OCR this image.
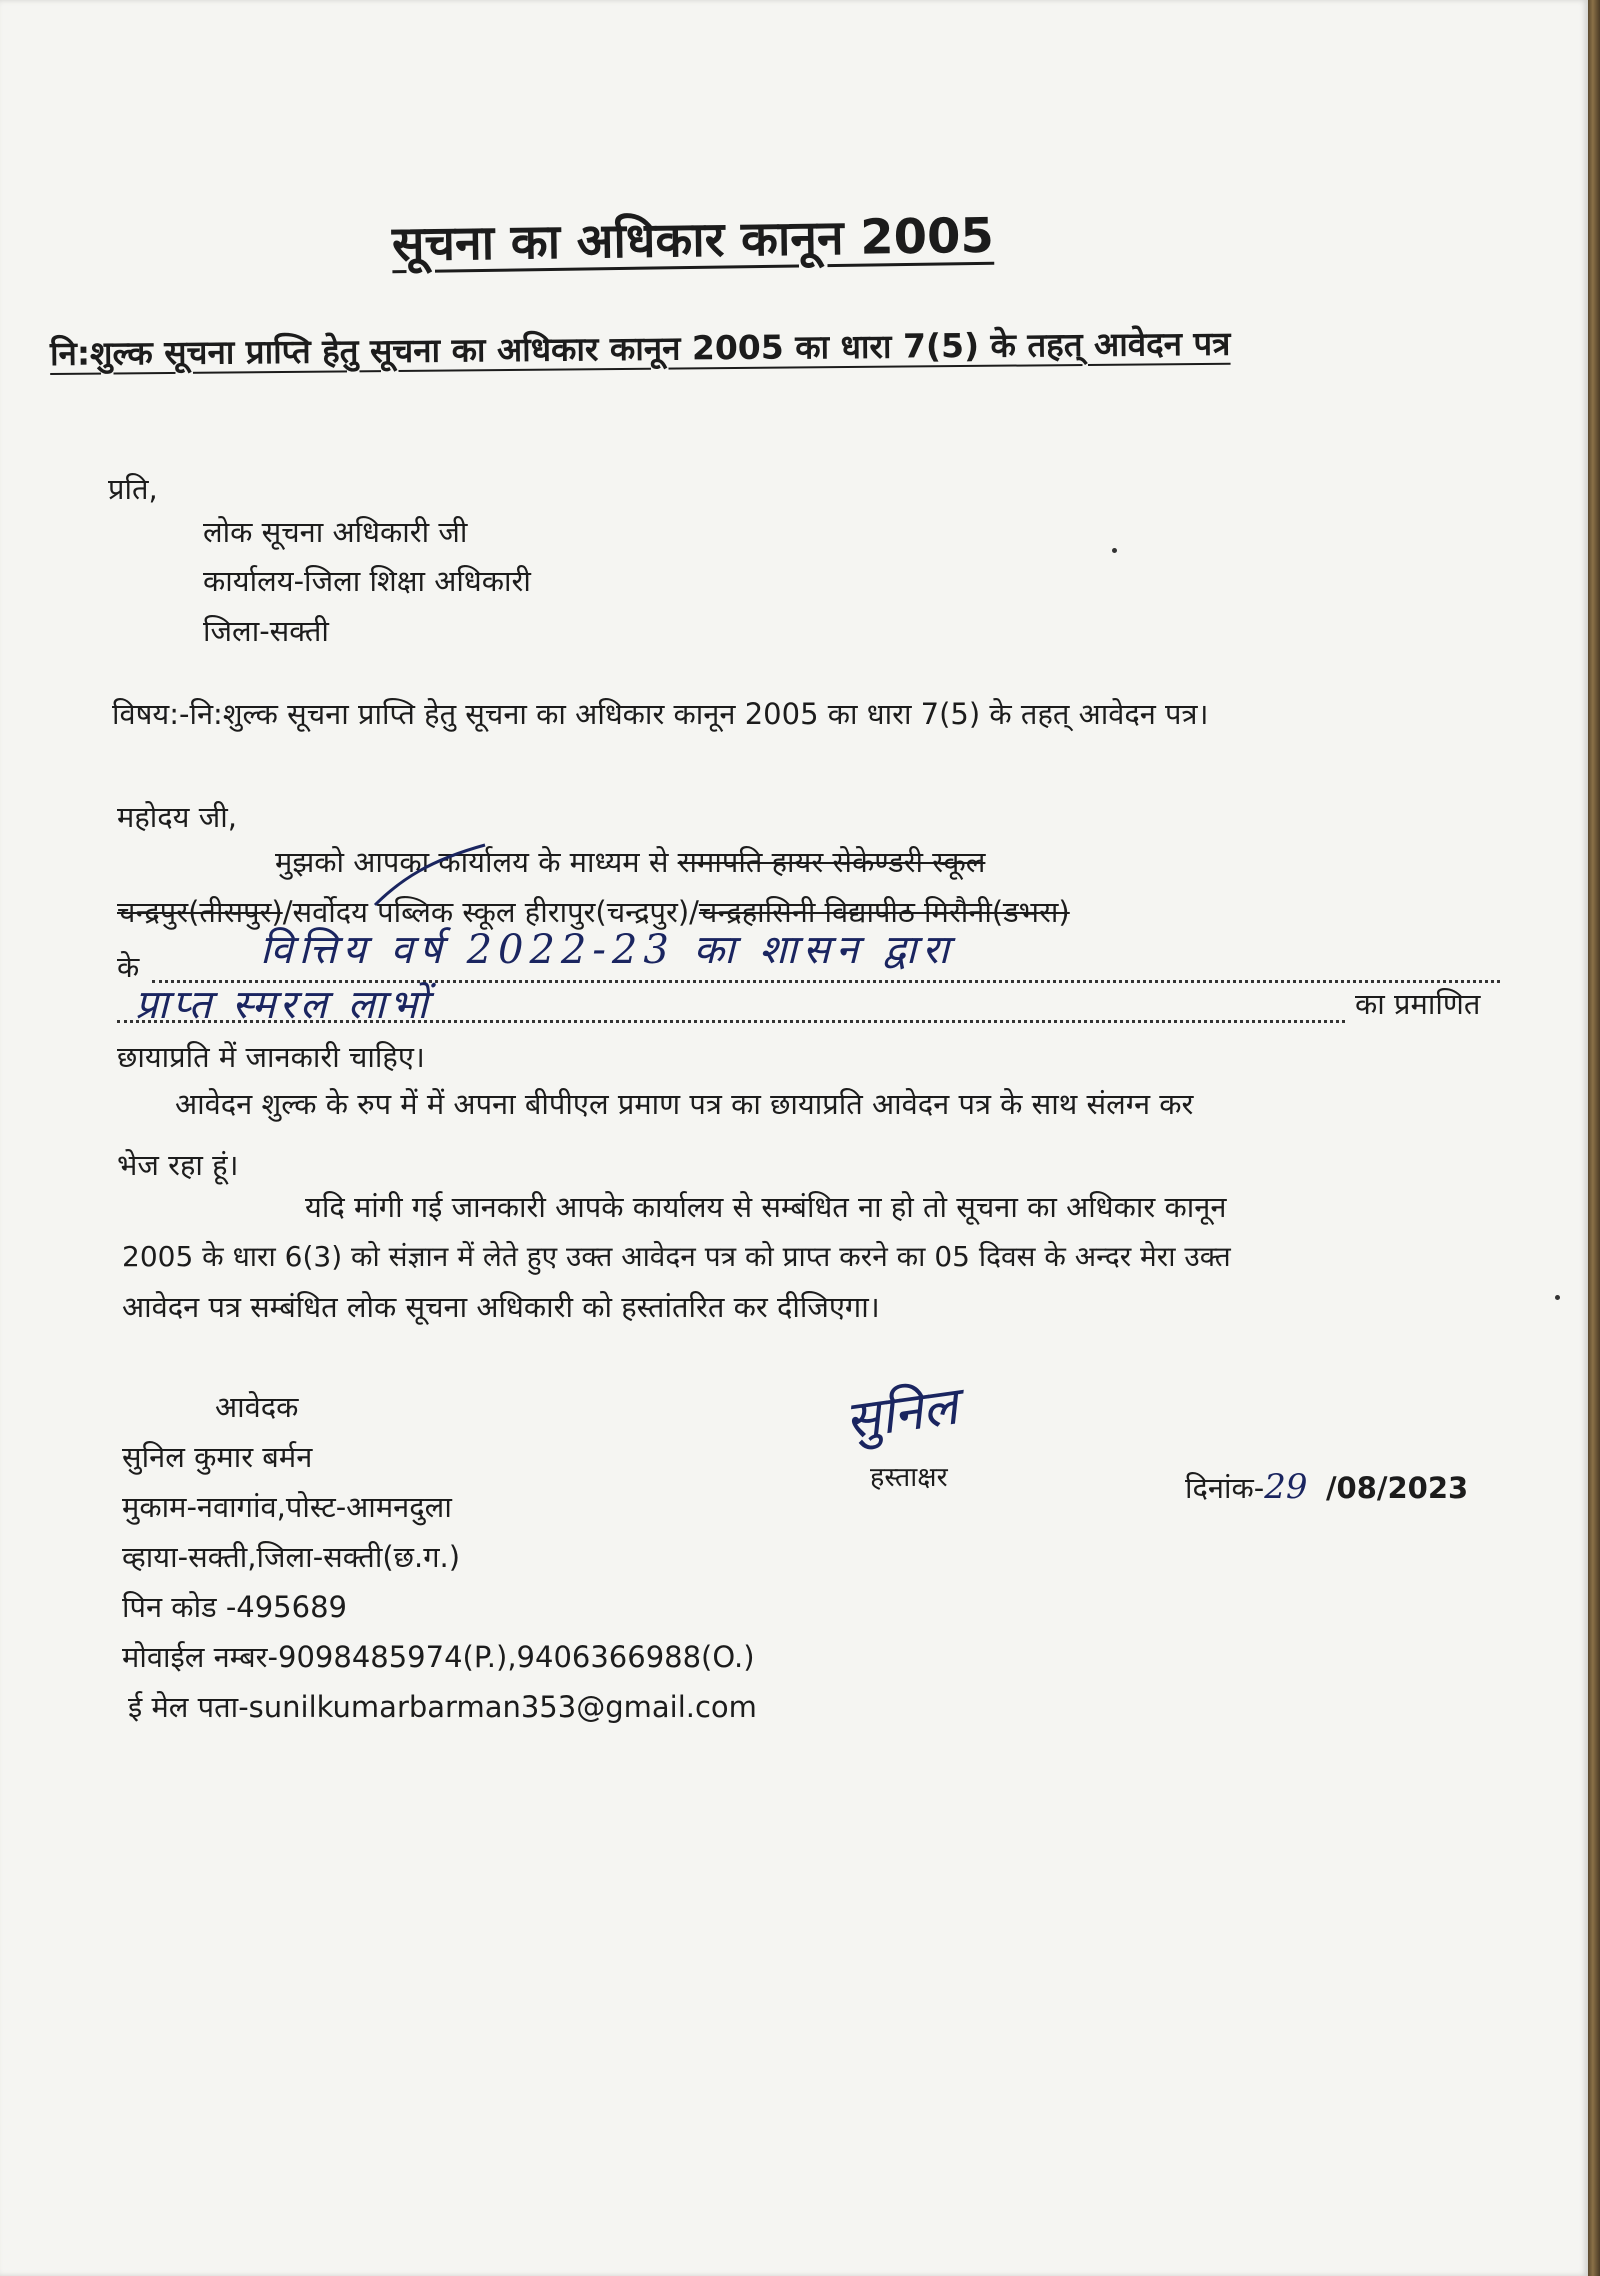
सूचना का अधिकार कानून 2005
नि:शुल्क सूचना प्राप्ति हेतु सूचना का अधिकार कानून 2005 का धारा 7(5) के तहत् आवेदन पत्र
प्रति,
लोक सूचना अधिकारी जी
कार्यालय-जिला शिक्षा अधिकारी
जिला-सक्ती
विषय:-नि:शुल्क सूचना प्राप्ति हेतु सूचना का अधिकार कानून 2005 का धारा 7(5) के तहत् आवेदन पत्र।
महोदय जी,
मुझको आपका कार्यालय के माध्यम से रामापति हायर सेकेण्डरी स्कूल
चन्द्रपुर(तीसपुर)/सर्वोदय पब्लिक स्कूल हीरापुर(चन्द्रपुर)/चन्द्रहासिनी विद्यापीठ मिरौनी(डभरा)
के	वित्तिय वर्ष 2022-23 का शासन द्वारा
प्राप्त स्मरल लाभों	का प्रमाणित
छायाप्रति में जानकारी चाहिए।
आवेदन शुल्क के रुप में में अपना बीपीएल प्रमाण पत्र का छायाप्रति आवेदन पत्र के साथ संलग्न कर
भेज रहा हूं।
यदि मांगी गई जानकारी आपके कार्यालय से सम्बंधित ना हो तो सूचना का अधिकार कानून
2005 के धारा 6(3) को संज्ञान में लेते हुए उक्त आवेदन पत्र को प्राप्त करने का 05 दिवस के अन्दर मेरा उक्त
आवेदन पत्र सम्बंधित लोक सूचना अधिकारी को हस्तांतरित कर दीजिएगा।
आवेदक
सुनिल कुमार बर्मन
मुकाम-नवागांव,पोस्ट-आमनदुला
व्हाया-सक्ती,जिला-सक्ती(छ.ग.)
पिन कोड -495689
मोवाईल नम्बर-9098485974(P.),9406366988(O.)
ई मेल पता-sunilkumarbarman353@gmail.com
सुनिल
हस्ताक्षर	दिनांक-29 /08/2023
